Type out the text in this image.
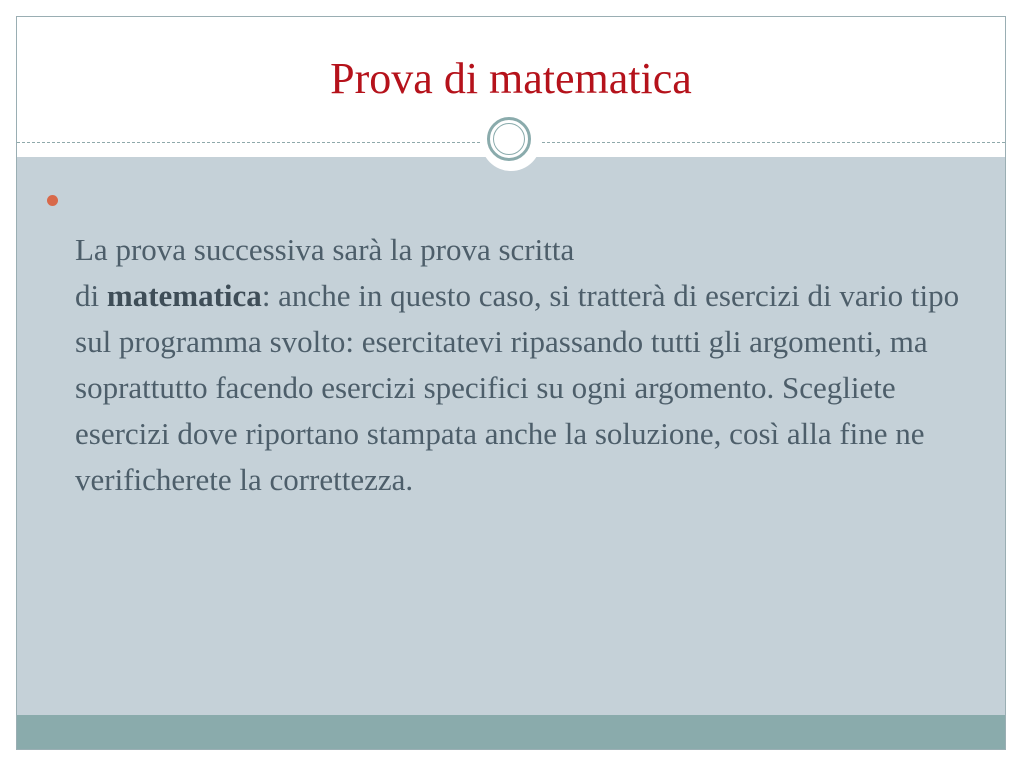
Prova di matematica

La prova successiva sarà la prova scritta
di matematica: anche in questo caso, si tratterà di esercizi di vario tipo sul programma svolto: esercitatevi ripassando tutti gli argomenti, ma soprattutto facendo esercizi specifici su ogni argomento. Scegliete esercizi dove riportano stampata anche la soluzione, così alla fine ne verificherete la correttezza.
